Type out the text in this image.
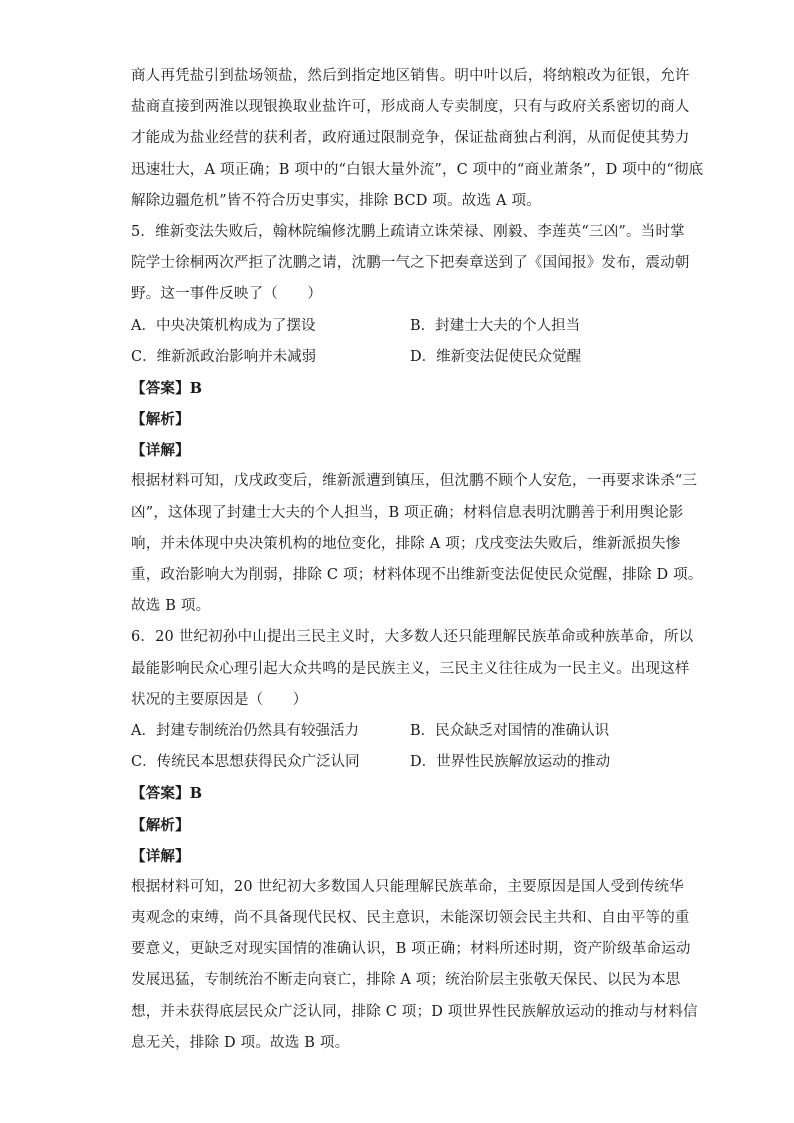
商人再凭盐引到盐场领盐，然后到指定地区销售。明中叶以后，将纳粮改为征银，允许
盐商直接到两淮以现银换取业盐许可，形成商人专卖制度，只有与政府关系密切的商人
才能成为盐业经营的获利者，政府通过限制竞争，保证盐商独占利润，从而促使其势力
迅速壮大，A 项正确；B 项中的“白银大量外流”，C 项中的“商业萧条”，D 项中的“彻底
解除边疆危机”皆不符合历史事实，排除 BCD 项。故选 A 项。
5．维新变法失败后，翰林院编修沈鹏上疏请立诛荣禄、刚毅、李莲英“三凶”。当时掌
院学士徐桐两次严拒了沈鹏之请，沈鹏一气之下把奏章送到了《国闻报》发布，震动朝
野。这一事件反映了（　　）
A．中央决策机构成为了摆设	B．封建士大夫的个人担当
C．维新派政治影响并未减弱	D．维新变法促使民众觉醒
【答案】B
【解析】
【详解】
根据材料可知，戊戌政变后，维新派遭到镇压，但沈鹏不顾个人安危，一再要求诛杀“三
凶”，这体现了封建士大夫的个人担当，B 项正确；材料信息表明沈鹏善于利用舆论影
响，并未体现中央决策机构的地位变化，排除 A 项；戊戌变法失败后，维新派损失惨
重，政治影响大为削弱，排除 C 项；材料体现不出维新变法促使民众觉醒，排除 D 项。
故选 B 项。
6．20 世纪初孙中山提出三民主义时，大多数人还只能理解民族革命或种族革命，所以
最能影响民众心理引起大众共鸣的是民族主义，三民主义往往成为一民主义。出现这样
状况的主要原因是（　　）
A．封建专制统治仍然具有较强活力	B．民众缺乏对国情的准确认识
C．传统民本思想获得民众广泛认同	D．世界性民族解放运动的推动
【答案】B
【解析】
【详解】
根据材料可知，20 世纪初大多数国人只能理解民族革命，主要原因是国人受到传统华
夷观念的束缚，尚不具备现代民权、民主意识，未能深切领会民主共和、自由平等的重
要意义，更缺乏对现实国情的准确认识，B 项正确；材料所述时期，资产阶级革命运动
发展迅猛，专制统治不断走向衰亡，排除 A 项；统治阶层主张敬天保民、以民为本思
想，并未获得底层民众广泛认同，排除 C 项；D 项世界性民族解放运动的推动与材料信
息无关，排除 D 项。故选 B 项。
